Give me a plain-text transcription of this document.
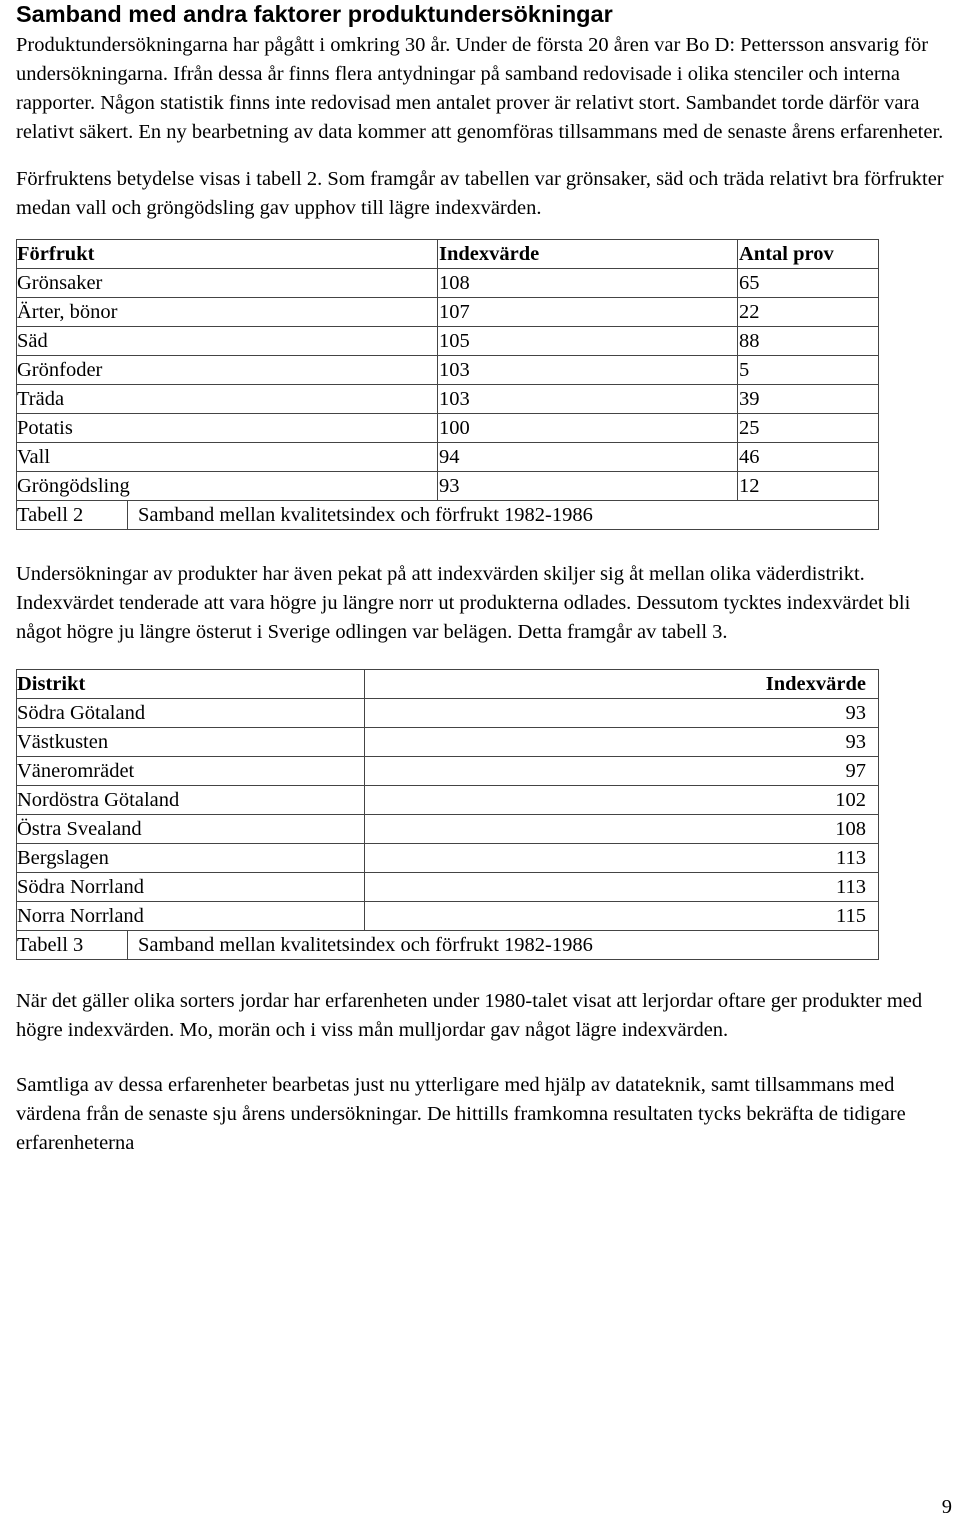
Samband med andra faktorer produktundersökningar

Produktundersökningarna har pågått i omkring 30 år. Under de första 20 åren var Bo D: Pettersson ansvarig för undersökningarna. Ifrån dessa år finns flera antydningar på samband redovisade i olika stenciler och interna rapporter. Någon statistik finns inte redovisad men antalet prover är relativt stort. Sambandet torde därför vara relativt säkert. En ny bearbetning av data kommer att genomföras tillsammans med de senaste årens erfarenheter.

Förfruktens betydelse visas i tabell 2. Som framgår av tabellen var grönsaker, säd och träda relativt bra förfrukter medan vall och gröngödsling gav upphov till lägre indexvärden.

Förfrukt		Indexvärde	Antal prov
Grönsaker		108	65
Ärter, bönor		107	22
Säd		105	88
Grönfoder		103	5
Träda		103	39
Potatis		100	25
Vall		94	46
Gröngödsling		93	12
Tabell 2	Samband mellan kvalitetsindex och förfrukt 1982-1986		

Undersökningar av produkter har även pekat på att indexvärden skiljer sig åt mellan olika väderdistrikt. Indexvärdet tenderade att vara högre ju längre norr ut produkterna odlades. Dessutom tycktes indexvärdet bli något högre ju längre österut i Sverige odlingen var belägen. Detta framgår av tabell 3.

Distrikt		Indexvärde
Södra Götaland		93
Västkusten		93
Väneromrädet		97
Nordöstra Götaland		102
Östra Svealand		108
Bergslagen		113
Södra Norrland		113
Norra Norrland		115
Tabell 3	Samband mellan kvalitetsindex och förfrukt 1982-1986	

När det gäller olika sorters jordar har erfarenheten under 1980-talet visat att lerjordar oftare ger produkter med högre indexvärden. Mo, morän och i viss mån mulljordar gav något lägre indexvärden.

Samtliga av dessa erfarenheter bearbetas just nu ytterligare med hjälp av datateknik, samt tillsammans med värdena från de senaste sju årens undersökningar. De hittills framkomna resultaten tycks bekräfta de tidigare erfarenheterna

9
